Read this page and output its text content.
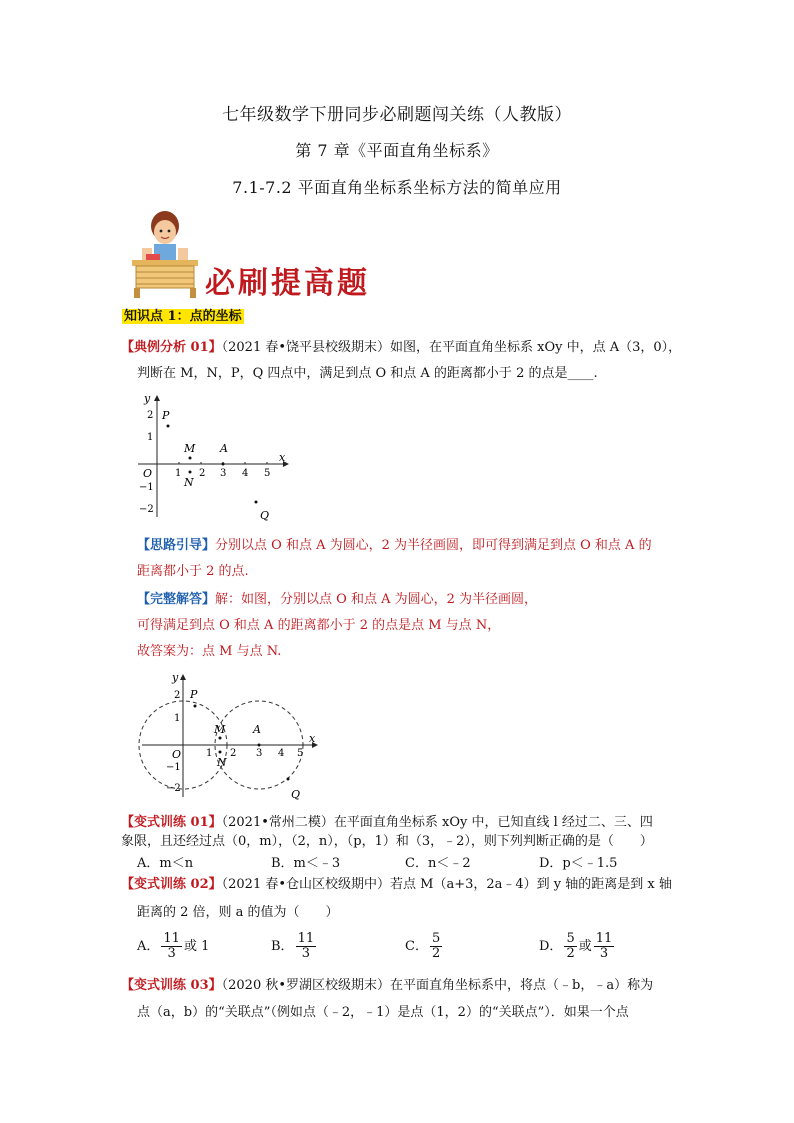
七年级数学下册同步必刷题闯关练（人教版）
第 7 章《平面直角坐标系》
7.1-7.2 平面直角坐标系坐标方法的简单应用
必刷提高题
知识点 1：点的坐标
【典例分析 01】（2021 春•饶平县校级期末）如图，在平面直角坐标系 xOy 中，点 A（3，0），
判断在 M，N，P，Q 四点中，满足到点 O 和点 A 的距离都小于 2 的点是____.
x
y
O 1 2 3 4 5
2
1
−1
−2
P
M
N
A
Q
【思路引导】分别以点 O 和点 A 为圆心，2 为半径画圆，即可得到满足到点 O 和点 A 的
距离都小于 2 的点.
【完整解答】解：如图，分别以点 O 和点 A 为圆心，2 为半径画圆，
可得满足到点 O 和点 A 的距离都小于 2 的点是点 M 与点 N，
故答案为：点 M 与点 N.
x
y
O 1 2 3 4 5
2
1
−1
−2
P
M
N
A
Q
【变式训练 01】（2021•常州二模）在平面直角坐标系 xOy 中，已知直线 l 经过二、三、四
象限，且还经过点（0，m），（2，n），（p，1）和（3，﹣2），则下列判断正确的是（　　）
A．m＜n	B．m＜﹣3	C．n＜﹣2	D．p＜﹣1.5
【变式训练 02】（2021 春•仓山区校级期中）若点 M（a+3，2a﹣4）到 y 轴的距离是到 x 轴
距离的 2 倍，则 a 的值为（　　）
A． $\frac{11}{3}$ 或 1	B． $\frac{11}{3}$	C． $\frac{5}{2}$	D． $\frac{5}{2}$ 或 $\frac{11}{3}$
【变式训练 03】（2020 秋•罗湖区校级期末）在平面直角坐标系中，将点（﹣b，﹣a）称为
点（a，b）的“关联点”（例如点（﹣2，﹣1）是点（1，2）的“关联点”）．如果一个点
